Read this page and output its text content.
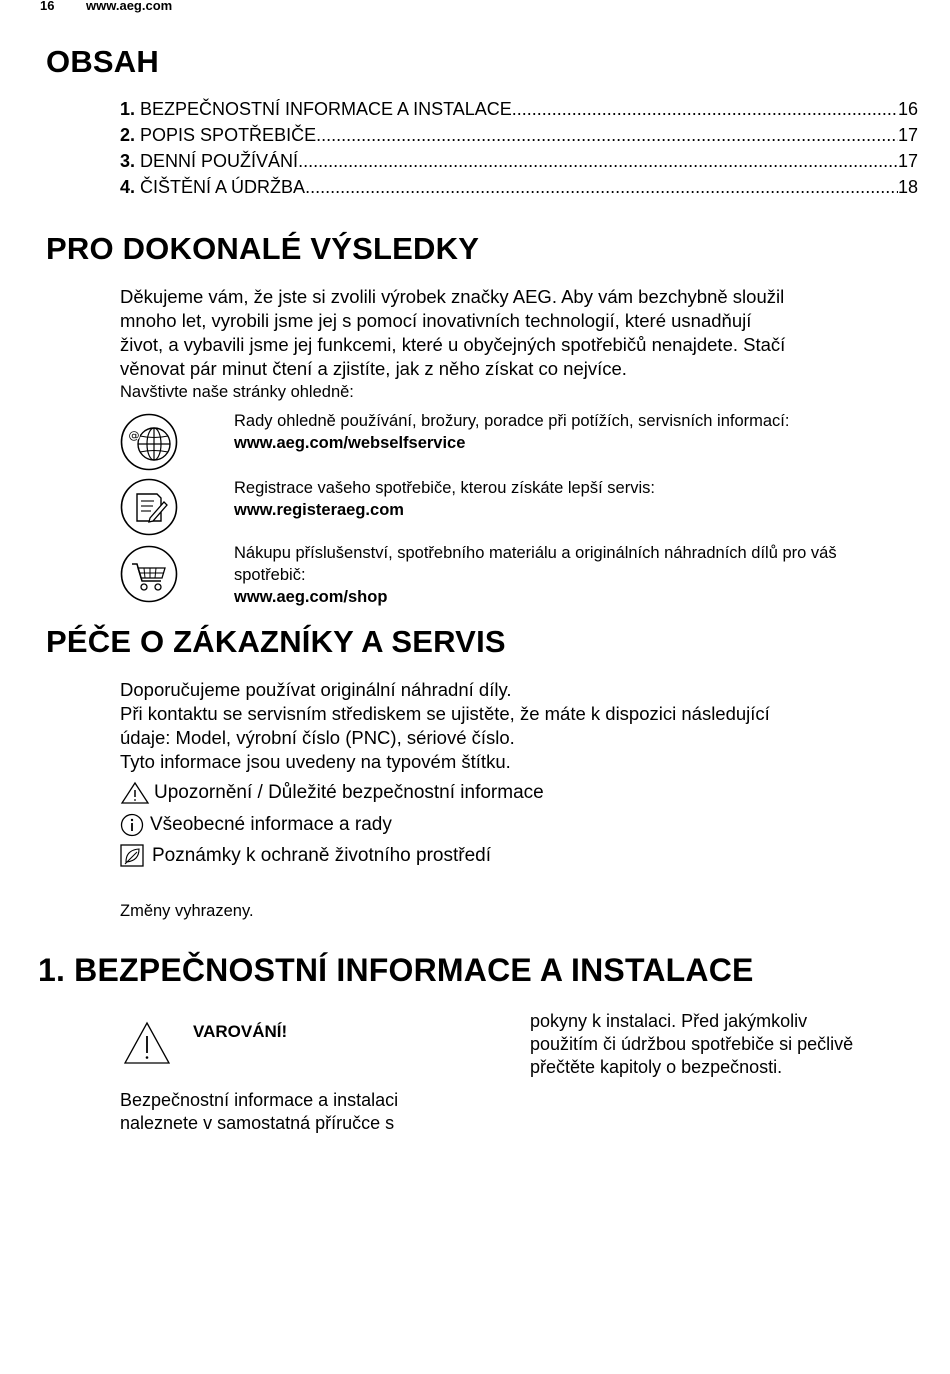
16 www.aeg.com
OBSAH
1. BEZPEČNOSTNÍ INFORMACE A INSTALACE .....	16
2. POPIS SPOTŘEBIČE .....	17
3. DENNÍ POUŽÍVÁNÍ .....	17
4. ČIŠTĚNÍ A ÚDRŽBA .....	18
PRO DOKONALÉ VÝSLEDKY
Děkujeme vám, že jste si zvolili výrobek značky AEG. Aby vám bezchybně sloužil
mnoho let, vyrobili jsme jej s pomocí inovativních technologií, které usnadňují
život, a vybavili jsme jej funkcemi, které u obyčejných spotřebičů nenajdete. Stačí
věnovat pár minut čtení a zjistíte, jak z něho získat co nejvíce.
Navštivte naše stránky ohledně:
@
Rady ohledně používání, brožury, poradce při potížích, servisních informací:
www.aeg.com/webselfservice
Registrace vašeho spotřebiče, kterou získáte lepší servis:
www.registeraeg.com
Nákupu příslušenství, spotřebního materiálu a originálních náhradních dílů pro váš spotřebič:
www.aeg.com/shop
PÉČE O ZÁKAZNÍKY A SERVIS
Doporučujeme používat originální náhradní díly.
Při kontaktu se servisním střediskem se ujistěte, že máte k dispozici následující
údaje: Model, výrobní číslo (PNC), sériové číslo.
Tyto informace jsou uvedeny na typovém štítku.
Upozornění / Důležité bezpečnostní informace
Všeobecné informace a rady
Poznámky k ochraně životního prostředí
Změny vyhrazeny.
1. BEZPEČNOSTNÍ INFORMACE A INSTALACE
VAROVÁNÍ!
Bezpečnostní informace a instalaci
naleznete v samostatná příručce s
pokyny k instalaci. Před jakýmkoliv
použitím či údržbou spotřebiče si pečlivě
přečtěte kapitoly o bezpečnosti.
